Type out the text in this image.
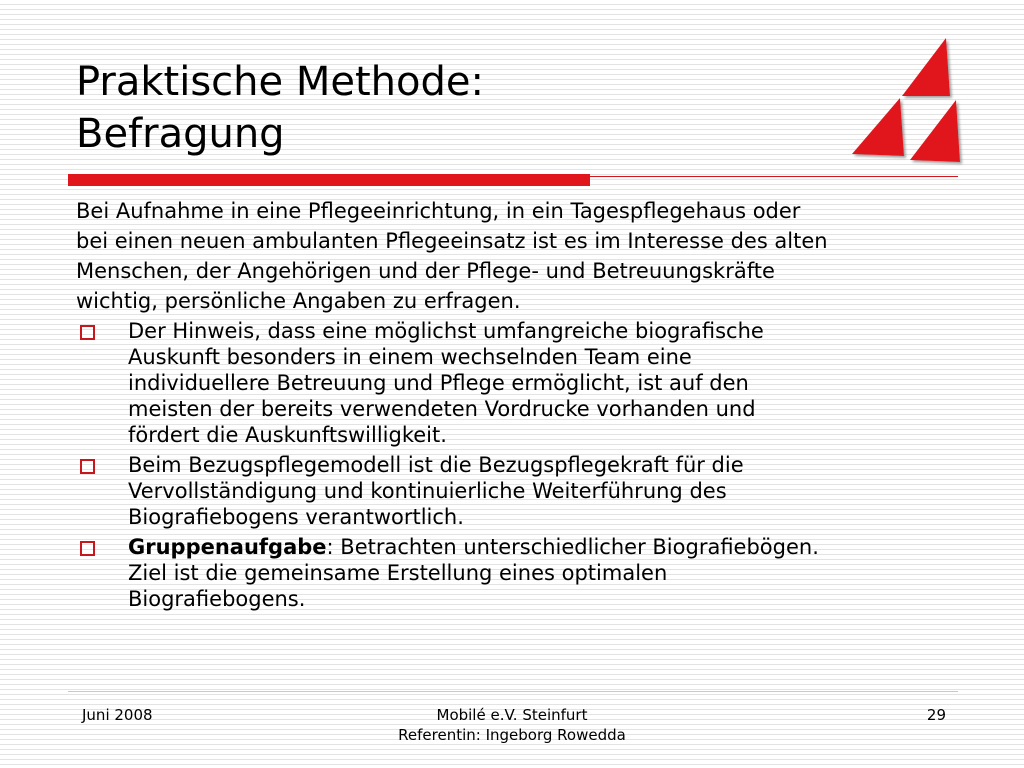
Praktische Methode:
Befragung

Bei Aufnahme in eine Pflegeeinrichtung, in ein Tagespflegehaus oder

bei einen neuen ambulanten Pflegeeinsatz ist es im Interesse des alten

Menschen, der Angehörigen und der Pflege- und Betreuungskräfte

wichtig, persönliche Angaben zu erfragen.

Der Hinweis, dass eine möglichst umfangreiche biografische
Auskunft besonders in einem wechselnden Team eine
individuellere Betreuung und Pflege ermöglicht, ist auf den
meisten der bereits verwendeten Vordrucke vorhanden und
fördert die Auskunftswilligkeit.
Beim Bezugspflegemodell ist die Bezugspflegekraft für die
Vervollständigung und kontinuierliche Weiterführung des
Biografiebogens verantwortlich.
Gruppenaufgabe: Betrachten unterschiedlicher Biografiebögen.
Ziel ist die gemeinsame Erstellung eines optimalen
Biografiebogens.
Juni 2008	Mobilé e.V. Steinfurt
Referentin: Ingeborg Rowedda
29
